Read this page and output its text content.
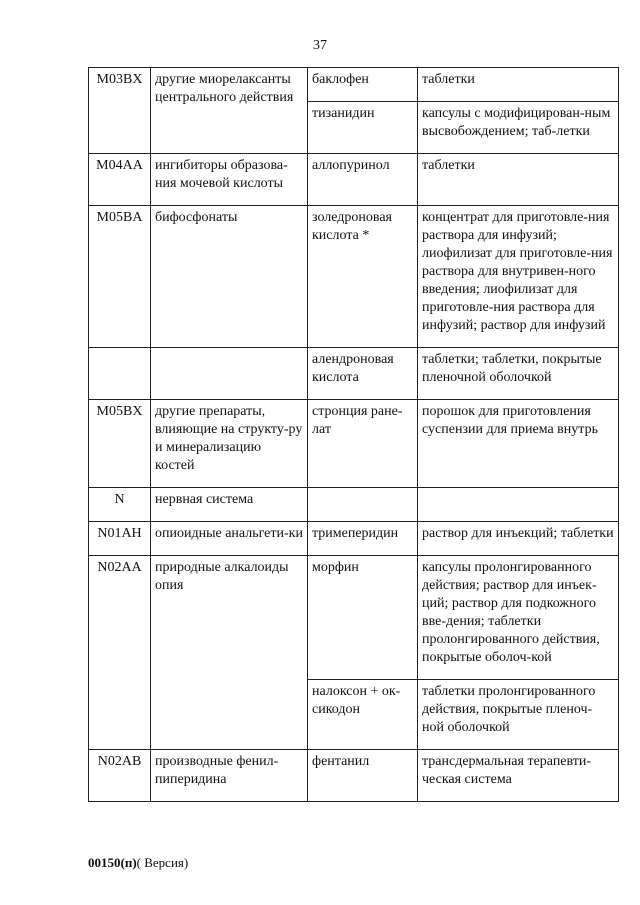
37
M03BX	другие миорелаксанты центрального действия	баклофен	таблетки
		тизанидин	капсулы с модифицирован-ным высвобождением; таб-летки
M04AA	ингибиторы образова-ния мочевой кислоты	аллопуринол	таблетки
M05BA	бифосфонаты	золедроновая кислота *	концентрат для приготовле-ния раствора для инфузий; лиофилизат для приготовле-ния раствора для внутривен-ного введения; лиофилизат для приготовле-ния раствора для инфузий; раствор для инфузий
		алендроновая кислота	таблетки; таблетки, покрытые пленочной оболочкой
M05BX	другие препараты, влияющие на структу-ру и минерализацию костей	стронция ране-лат	порошок для приготовления суспензии для приема внутрь
N	нервная система		
N01AH	опиоидные анальгети-ки	тримеперидин	раствор для инъекций; таблетки
N02AA	природные алкалоиды опия	морфин	капсулы пролонгированного действия; раствор для инъек-ций; раствор для подкожного вве-дения; таблетки пролонгированного действия, покрытые оболоч-кой
		налоксон + ок-сикодон	таблетки пролонгированного действия, покрытые пленоч-ной оболочкой
N02AB	производные фенил-пиперидина	фентанил	трансдермальная терапевти-ческая система
00150(п)( Версия)
